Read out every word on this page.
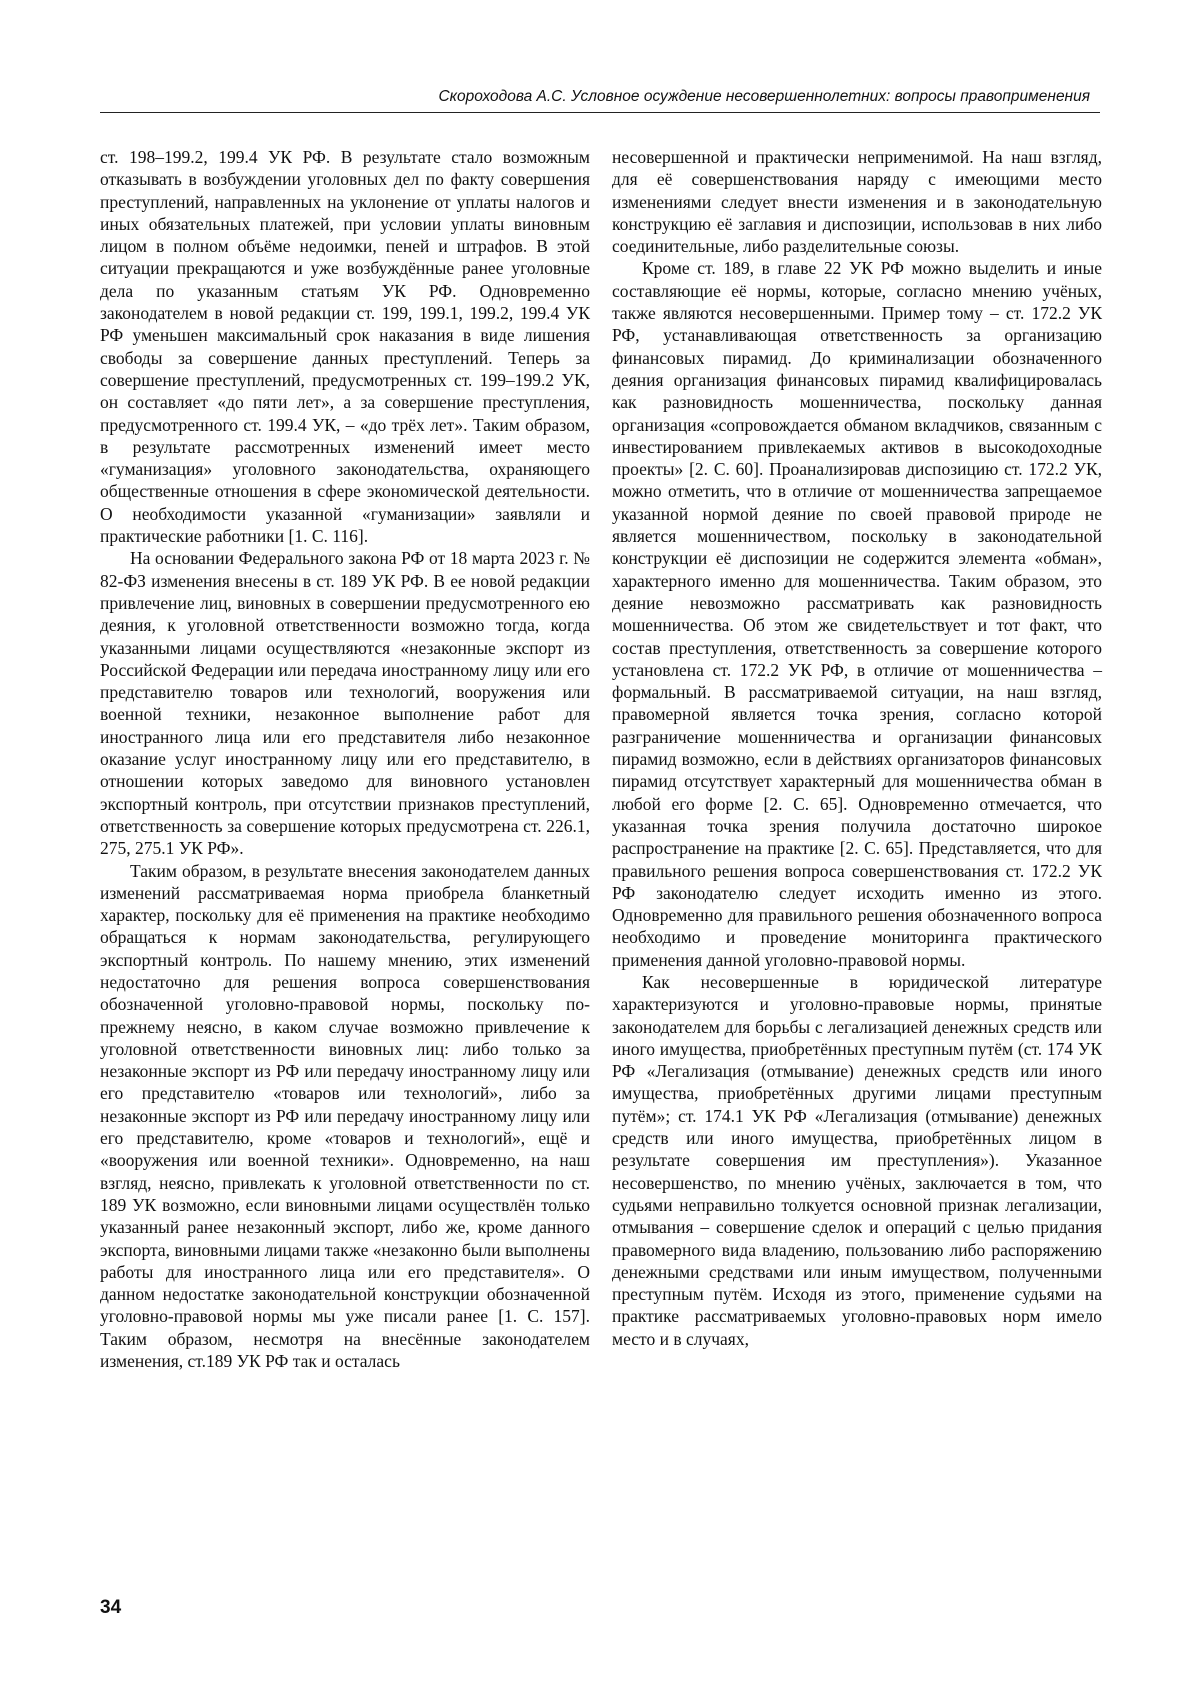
Скороходова А.С. Условное осуждение несовершеннолетних: вопросы правоприменения

ст. 198–199.2, 199.4 УК РФ. В результате стало возможным отказывать в возбуждении уголовных дел по факту совершения преступлений, направленных на уклонение от уплаты налогов и иных обязательных платежей, при условии уплаты виновным лицом в полном объёме недоимки, пеней и штрафов. В этой ситуации прекращаются и уже возбуждённые ранее уголовные дела по указанным статьям УК РФ. Одновременно законодателем в новой редакции ст. 199, 199.1, 199.2, 199.4 УК РФ уменьшен максимальный срок наказания в виде лишения свободы за совершение данных преступлений. Теперь за совершение преступлений, предусмотренных ст. 199–199.2 УК, он составляет «до пяти лет», а за совершение преступления, предусмотренного ст. 199.4 УК, – «до трёх лет». Таким образом, в результате рассмотренных изменений имеет место «гуманизация» уголовного законодательства, охраняющего общественные отношения в сфере экономической деятельности. О необходимости указанной «гуманизации» заявляли и практические работники [1. С. 116].

На основании Федерального закона РФ от 18 марта 2023 г. № 82-ФЗ изменения внесены в ст. 189 УК РФ. В ее новой редакции привлечение лиц, виновных в совершении предусмотренного ею деяния, к уголовной ответственности возможно тогда, когда указанными лицами осуществляются «незаконные экспорт из Российской Федерации или передача иностранному лицу или его представителю товаров или технологий, вооружения или военной техники, незаконное выполнение работ для иностранного лица или его представителя либо незаконное оказание услуг иностранному лицу или его представителю, в отношении которых заведомо для виновного установлен экспортный контроль, при отсутствии признаков преступлений, ответственность за совершение которых предусмотрена ст. 226.1, 275, 275.1 УК РФ».

Таким образом, в результате внесения законодателем данных изменений рассматриваемая норма приобрела бланкетный характер, поскольку для её применения на практике необходимо обращаться к нормам законодательства, регулирующего экспортный контроль. По нашему мнению, этих изменений недостаточно для решения вопроса совершенствования обозначенной уголовно-правовой нормы, поскольку по-прежнему неясно, в каком случае возможно привлечение к уголовной ответственности виновных лиц: либо только за незаконные экспорт из РФ или передачу иностранному лицу или его представителю «товаров или технологий», либо за незаконные экспорт из РФ или передачу иностранному лицу или его представителю, кроме «товаров и технологий», ещё и «вооружения или военной техники». Одновременно, на наш взгляд, неясно, привлекать к уголовной ответственности по ст. 189 УК возможно, если виновными лицами осуществлён только указанный ранее незаконный экспорт, либо же, кроме данного экспорта, виновными лицами также «незаконно были выполнены работы для иностранного лица или его представителя». О данном недостатке законодательной конструкции обозначенной уголовно-правовой нормы мы уже писали ранее [1. С. 157]. Таким образом, несмотря на внесённые законодателем изменения, ст.189 УК РФ так и осталась

несовершенной и практически неприменимой. На наш взгляд, для её совершенствования наряду с имеющими место изменениями следует внести изменения и в законодательную конструкцию её заглавия и диспозиции, использовав в них либо соединительные, либо разделительные союзы.

Кроме ст. 189, в главе 22 УК РФ можно выделить и иные составляющие её нормы, которые, согласно мнению учёных, также являются несовершенными. Пример тому – ст. 172.2 УК РФ, устанавливающая ответственность за организацию финансовых пирамид. До криминализации обозначенного деяния организация финансовых пирамид квалифицировалась как разновидность мошенничества, поскольку данная организация «сопровождается обманом вкладчиков, связанным с инвестированием привлекаемых активов в высокодоходные проекты» [2. С. 60]. Проанализировав диспозицию ст. 172.2 УК, можно отметить, что в отличие от мошенничества запрещаемое указанной нормой деяние по своей правовой природе не является мошенничеством, поскольку в законодательной конструкции её диспозиции не содержится элемента «обман», характерного именно для мошенничества. Таким образом, это деяние невозможно рассматривать как разновидность мошенничества. Об этом же свидетельствует и тот факт, что состав преступления, ответственность за совершение которого установлена ст. 172.2 УК РФ, в отличие от мошенничества – формальный. В рассматриваемой ситуации, на наш взгляд, правомерной является точка зрения, согласно которой разграничение мошенничества и организации финансовых пирамид возможно, если в действиях организаторов финансовых пирамид отсутствует характерный для мошенничества обман в любой его форме [2. С. 65]. Одновременно отмечается, что указанная точка зрения получила достаточно широкое распространение на практике [2. С. 65]. Представляется, что для правильного решения вопроса совершенствования ст. 172.2 УК РФ законодателю следует исходить именно из этого. Одновременно для правильного решения обозначенного вопроса необходимо и проведение мониторинга практического применения данной уголовно-правовой нормы.

Как несовершенные в юридической литературе характеризуются и уголовно-правовые нормы, принятые законодателем для борьбы с легализацией денежных средств или иного имущества, приобретённых преступным путём (ст. 174 УК РФ «Легализация (отмывание) денежных средств или иного имущества, приобретённых другими лицами преступным путём»; ст. 174.1 УК РФ «Легализация (отмывание) денежных средств или иного имущества, приобретённых лицом в результате совершения им преступления»). Указанное несовершенство, по мнению учёных, заключается в том, что судьями неправильно толкуется основной признак легализации, отмывания – совершение сделок и операций с целью придания правомерного вида владению, пользованию либо распоряжению денежными средствами или иным имуществом, полученными преступным путём. Исходя из этого, применение судьями на практике рассматриваемых уголовно-правовых норм имело место и в случаях,

34
